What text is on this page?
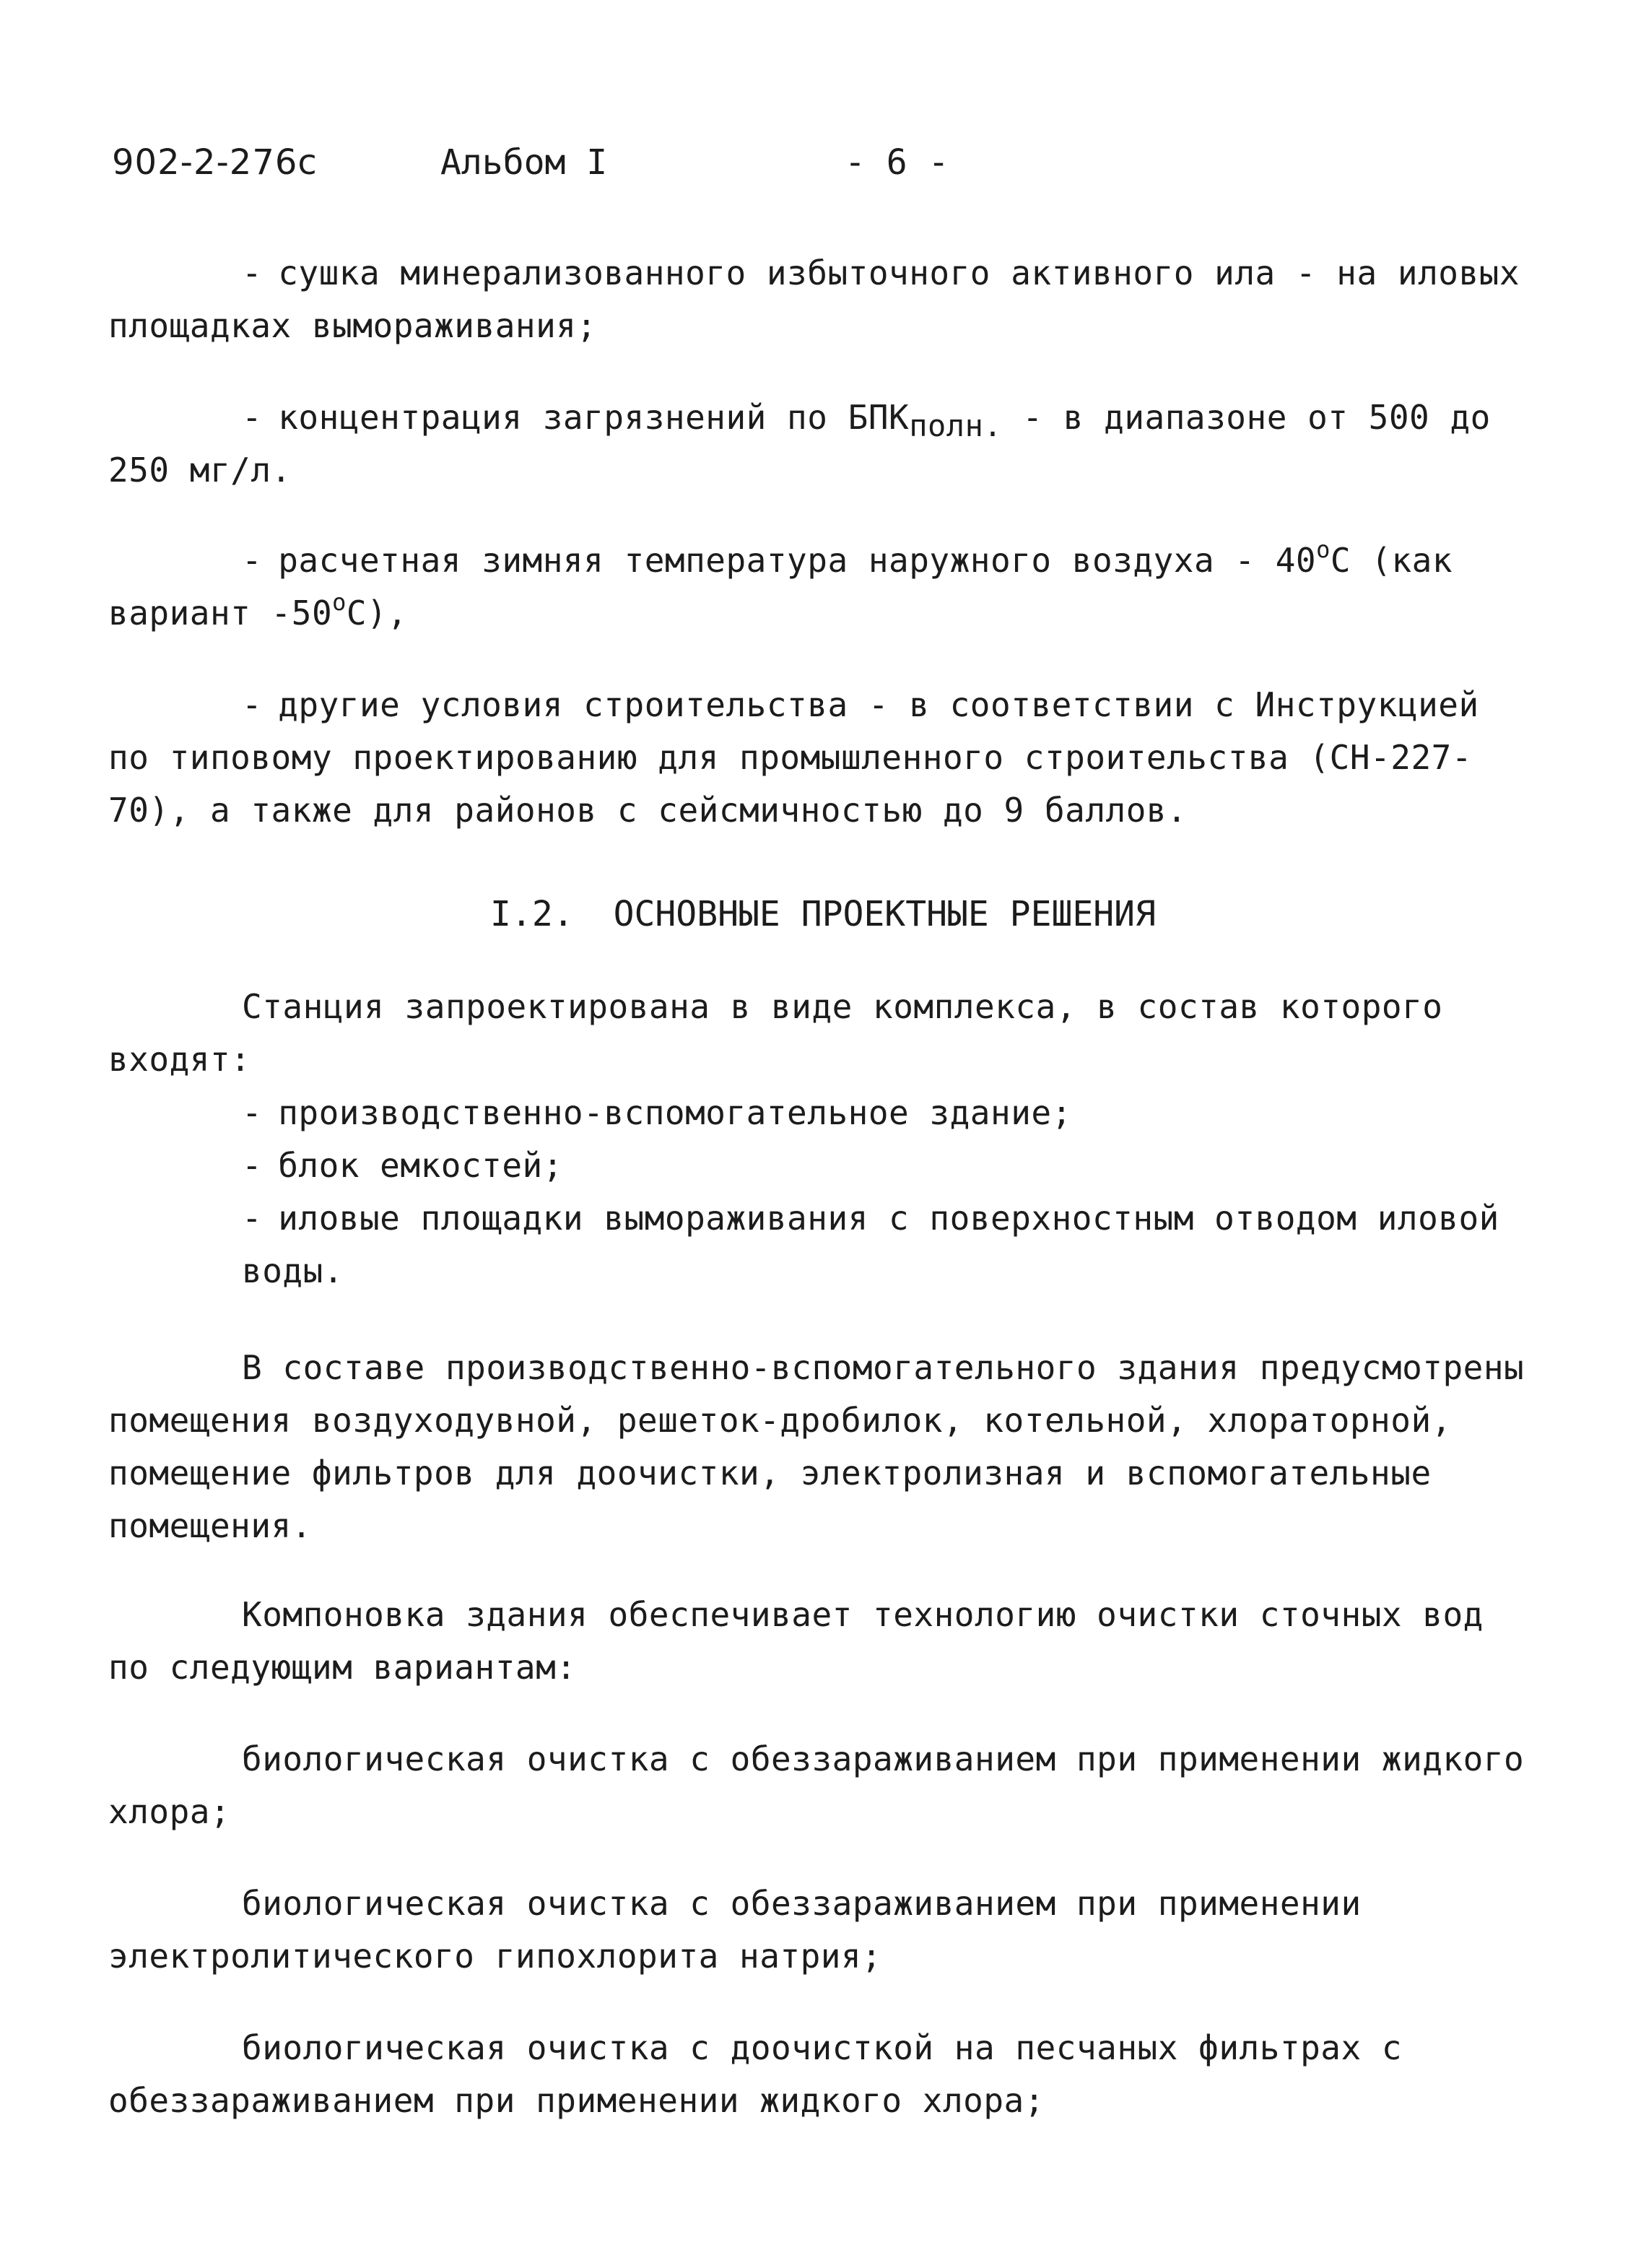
902-2-276с	Альбом I	- 6 -

- сушка минерализованного избыточного активного ила - на иловых площадках вымораживания;

- концентрация загрязнений по $БПК_{полн.}$ - в диапазоне от 500 до 250 мг/л.

- расчетная зимняя температура наружного воздуха - $40^оС$ (как вариант $-50^оС$),

- другие условия строительства - в соответствии с Инструкцией по типовому проектированию для промышленного строительства (СН-227-70), а также для районов с сейсмичностью до 9 баллов.

I.2. ОСНОВНЫЕ ПРОЕКТНЫЕ РЕШЕНИЯ

Станция запроектирована в виде комплекса, в состав которого входят:

- производственно-вспомогательное здание;
- блок емкостей;
- иловые площадки вымораживания с поверхностным отводом иловой воды.

В составе производственно-вспомогательного здания предусмотрены помещения воздуходувной, решеток-дробилок, котельной, хлораторной, помещение фильтров для доочистки, электролизная и вспомогательные помещения.

Компоновка здания обеспечивает технологию очистки сточных вод по следующим вариантам:

биологическая очистка с обеззараживанием при применении жидкого хлора;

биологическая очистка с обеззараживанием при применении электролитического гипохлорита натрия;

биологическая очистка с доочисткой на песчаных фильтрах с обеззараживанием при применении жидкого хлора;
